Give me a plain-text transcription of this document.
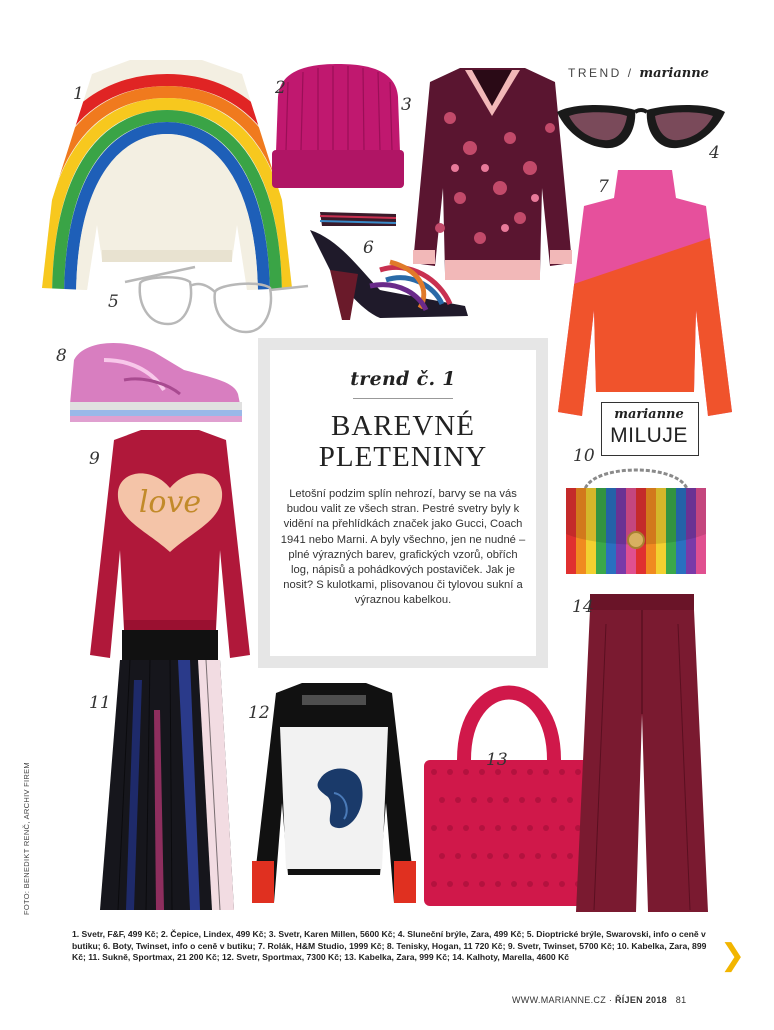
TREND / marianne
1	2
3
4
5
6
7
8
love
9
trend č. 1
BAREVNÉ
PLETENINY
Letošní podzim splín nehrozí, barvy se na vás budou valit ze všech stran. Pestré svetry byly k vidění na přehlídkách značek jako Gucci, Coach 1941 nebo Marni. A byly všechno, jen ne nudné – plné výrazných barev, grafických vzorů, obřích log, nápisů a pohádkových postaviček. Jak je nosit? S kulotkami, plisovanou či tylovou sukní a výraznou kabelkou.
marianne
MILUJE
10
11	12
13
14
FOTO: BENEDIKT RENČ, ARCHIV FIREM
1. Svetr, F&F, 499 Kč; 2. Čepice, Lindex, 499 Kč; 3. Svetr, Karen Millen, 5600 Kč; 4. Sluneční brýle, Zara, 499 Kč; 5. Dioptrické brýle, Swarovski, info o ceně v butiku; 6. Boty, Twinset, info o ceně v butiku; 7. Rolák, H&M Studio, 1999 Kč; 8. Tenisky, Hogan, 11 720 Kč; 9. Svetr, Twinset, 5700 Kč; 10. Kabelka, Zara, 899 Kč; 11. Sukně, Sportmax, 21 200 Kč; 12. Svetr, Sportmax, 7300 Kč; 13. Kabelka, Zara, 999 Kč; 14. Kalhoty, Marella, 4600 Kč	❯
WWW.MARIANNE.CZ · ŘÍJEN 2018 81
